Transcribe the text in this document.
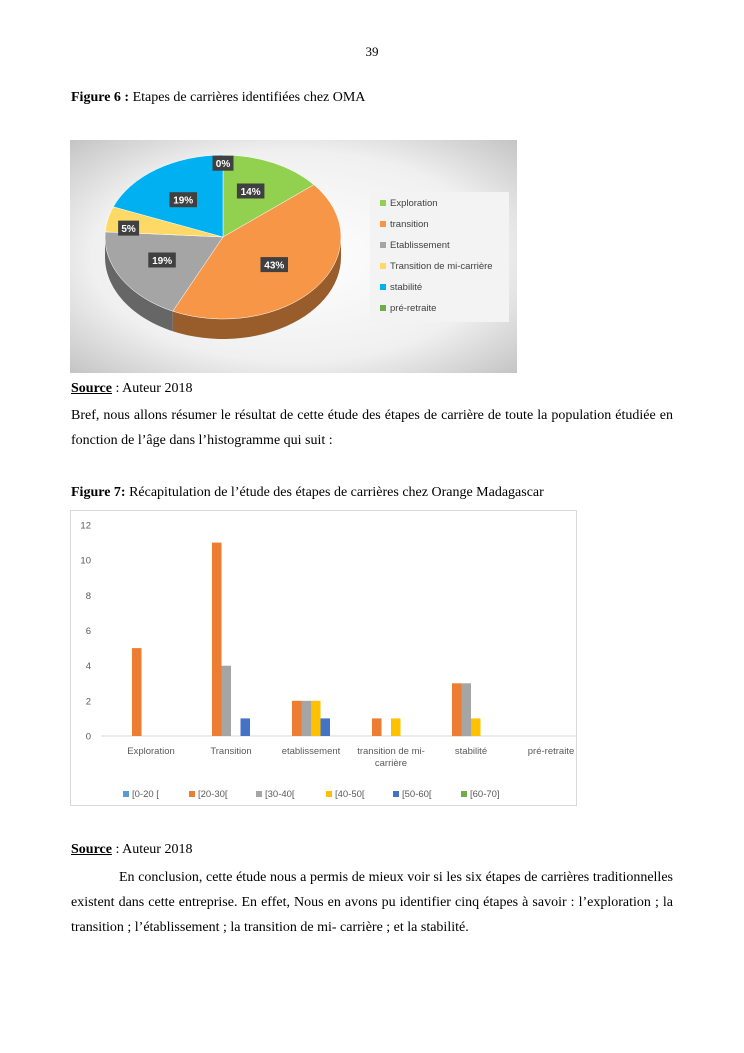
39
Figure 6 : Etapes de carrières identifiées chez OMA
14%
43%
19%
5%
19%
0%
Exploration
transition
Etablissement
Transition de mi-carrière
stabilité
pré-retraite
Source : Auteur 2018
Bref, nous allons résumer le résultat de cette étude des étapes de carrière de toute la population étudiée en fonction de l’âge dans l’histogramme qui suit :
Figure 7: Récapitulation de l’étude des étapes de carrières chez Orange Madagascar
0
2
4
6
8
10
12
Exploration	Transition	etablissement transition de mi-carrière
stabilité	pré-retraite
[0-20 [	[20-30[	[30-40[	[40-50[	[50-60[	[60-70]
Source : Auteur 2018
En conclusion, cette étude nous a permis de mieux voir si les six étapes de carrières traditionnelles existent dans cette entreprise. En effet, Nous en avons pu identifier cinq étapes à savoir : l’exploration ; la transition ; l’établissement ; la transition de mi- carrière ; et la stabilité.
